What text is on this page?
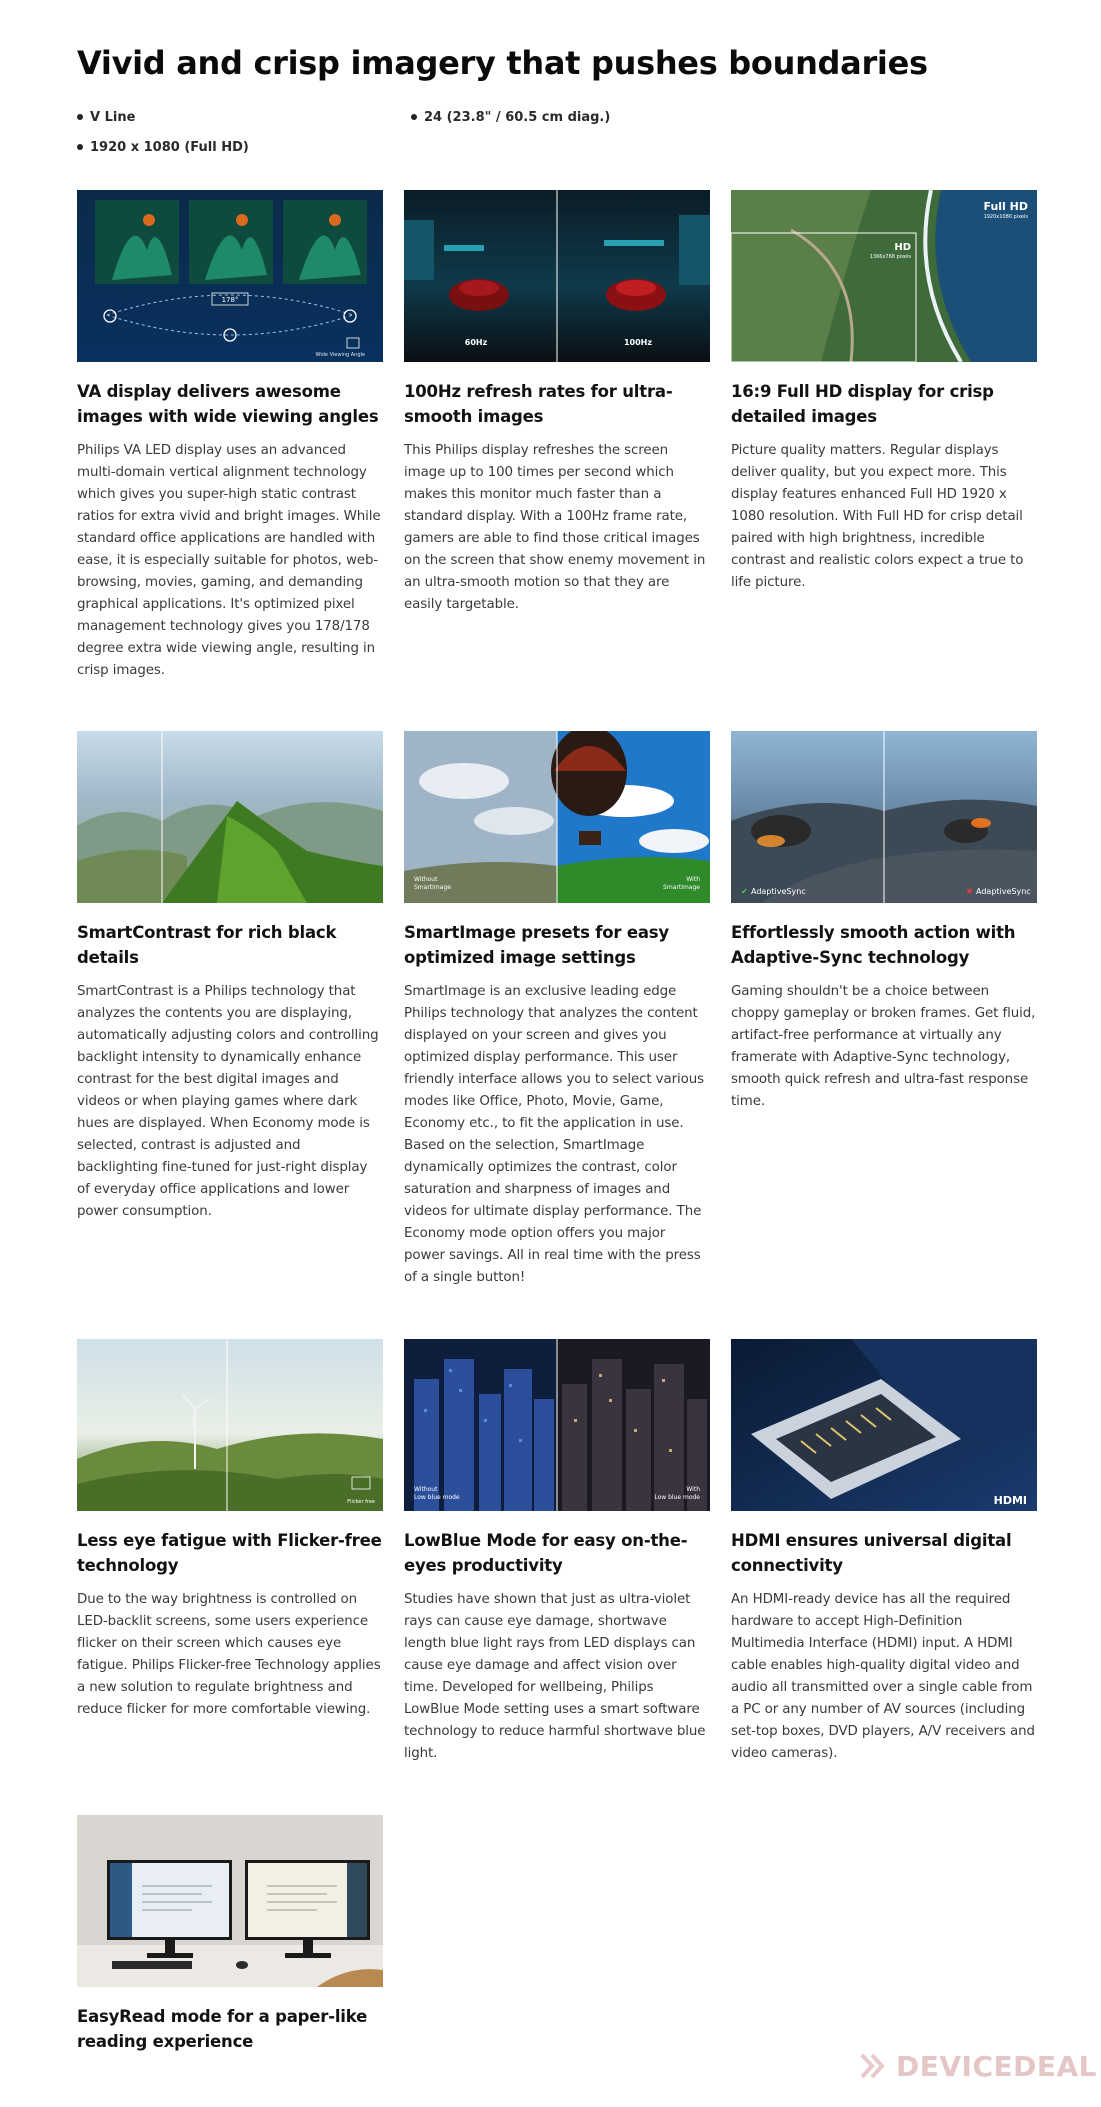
Vivid and crisp imagery that pushes boundaries
V Line	24 (23.8" / 60.5 cm diag.)
1920 x 1080 (Full HD)
178°
Wide Viewing Angle
VA display delivers awesome images with wide viewing angles

Philips VA LED display uses an advanced multi-domain vertical alignment technology which gives you super-high static contrast ratios for extra vivid and bright images. While standard office applications are handled with ease, it is especially suitable for photos, web-browsing, movies, gaming, and demanding graphical applications. It's optimized pixel management technology gives you 178/178 degree extra wide viewing angle, resulting in crisp images.

60Hz	100Hz
100Hz refresh rates for ultra-smooth images

This Philips display refreshes the screen image up to 100 times per second which makes this monitor much faster than a standard display. With a 100Hz frame rate, gamers are able to find those critical images on the screen that show enemy movement in an ultra-smooth motion so that they are easily targetable.

Full HD
1920x1080 pixels
HD
1366x768 pixels
16:9 Full HD display for crisp detailed images

Picture quality matters. Regular displays deliver quality, but you expect more. This display features enhanced Full HD 1920 x 1080 resolution. With Full HD for crisp detail paired with high brightness, incredible contrast and realistic colors expect a true to life picture.

SmartContrast for rich black details

SmartContrast is a Philips technology that analyzes the contents you are displaying, automatically adjusting colors and controlling backlight intensity to dynamically enhance contrast for the best digital images and videos or when playing games where dark hues are displayed. When Economy mode is selected, contrast is adjusted and backlighting fine-tuned for just-right display of everyday office applications and lower power consumption.

Without
SmartImage
With
SmartImage
SmartImage presets for easy optimized image settings

SmartImage is an exclusive leading edge Philips technology that analyzes the content displayed on your screen and gives you optimized display performance. This user friendly interface allows you to select various modes like Office, Photo, Movie, Game, Economy etc., to fit the application in use. Based on the selection, SmartImage dynamically optimizes the contrast, color saturation and sharpness of images and videos for ultimate display performance. The Economy mode option offers you major power savings. All in real time with the press of a single button!

✔ AdaptiveSync	✖ AdaptiveSync
Effortlessly smooth action with Adaptive-Sync technology

Gaming shouldn't be a choice between choppy gameplay or broken frames. Get fluid, artifact-free performance at virtually any framerate with Adaptive-Sync technology, smooth quick refresh and ultra-fast response time.

Flicker free
Less eye fatigue with Flicker-free technology

Due to the way brightness is controlled on LED-backlit screens, some users experience flicker on their screen which causes eye fatigue. Philips Flicker-free Technology applies a new solution to regulate brightness and reduce flicker for more comfortable viewing.

Without
Low blue mode
With
Low blue mode
LowBlue Mode for easy on-the-eyes productivity

Studies have shown that just as ultra-violet rays can cause eye damage, shortwave length blue light rays from LED displays can cause eye damage and affect vision over time. Developed for wellbeing, Philips LowBlue Mode setting uses a smart software technology to reduce harmful shortwave blue light.

HDMI
HDMI ensures universal digital connectivity

An HDMI-ready device has all the required hardware to accept High-Definition Multimedia Interface (HDMI) input. A HDMI cable enables high-quality digital video and audio all transmitted over a single cable from a PC or any number of AV sources (including set-top boxes, DVD players, A/V receivers and video cameras).

EasyRead mode for a paper-like reading experience
DEVICEDEAL
